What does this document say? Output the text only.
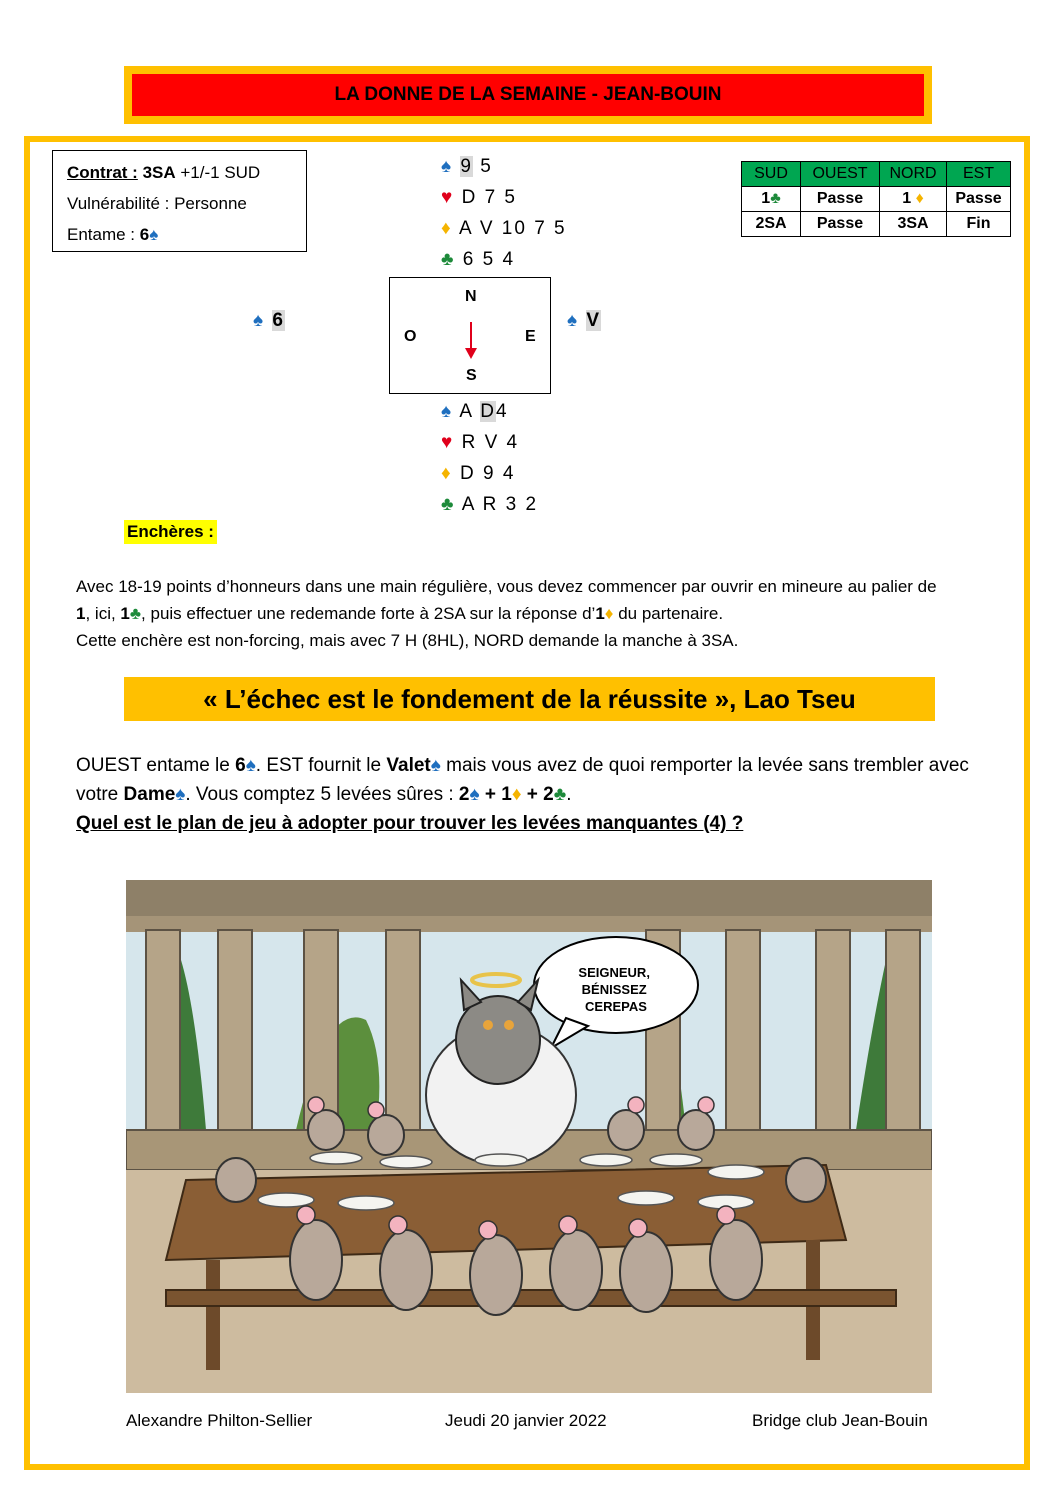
LA DONNE DE LA SEMAINE - JEAN-BOUIN
Contrat : 3SA +1/-1 SUD
Vulnérabilité : Personne
Entame : 6♠
♠ 9 5
♥ D 7 5
♦ A V 10 7 5
♣ 6 5 4
♠ 6	♠ V
N
O	E
S
♠ A D4
♥ R V 4
♦ D 9 4
♣ A R 3 2
SUD	OUEST	NORD	EST
1♣	Passe	1 ♦	Passe
2SA	Passe	3SA	Fin
Enchères :
Avec 18-19 points d’honneurs dans une main régulière, vous devez commencer par ouvrir en mineure au palier de
1, ici, 1♣, puis effectuer une redemande forte à 2SA sur la réponse d’1♦ du partenaire.
Cette enchère est non-forcing, mais avec 7 H (8HL), NORD demande la manche à 3SA.
« L’échec est le fondement de la réussite », Lao Tseu
OUEST entame le 6♠. EST fournit le Valet♠ mais vous avez de quoi remporter la levée sans trembler avec
votre Dame♠. Vous comptez 5 levées sûres : 2♠ + 1♦ + 2♣.
Quel est le plan de jeu à adopter pour trouver les levées manquantes (4) ?
SEIGNEUR, BÉNISSEZ CEREPAS
Alexandre Philton-Sellier	Jeudi 20 janvier 2022	Bridge club Jean-Bouin
